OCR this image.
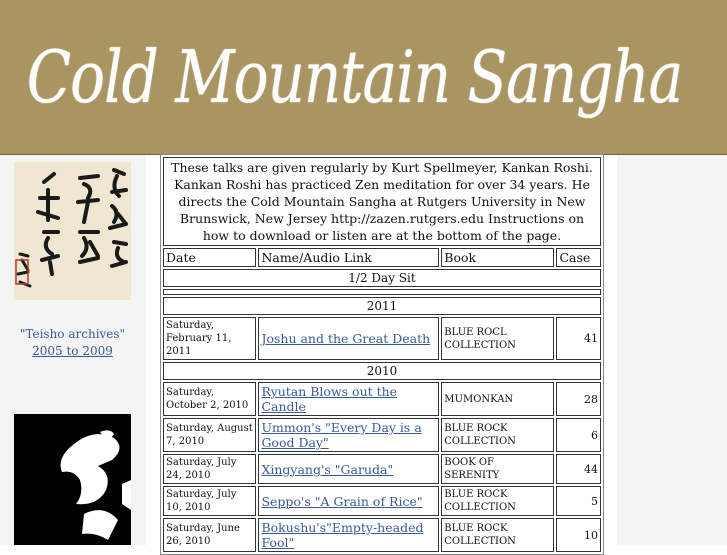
Cold Mountain Sangha
"Teisho archives"
2005 to 2009
These talks are given regularly by Kurt Spellmeyer, Kankan Roshi. Kankan Roshi has practiced Zen meditation for over 34 years. He directs the Cold Mountain Sangha at Rutgers University in New Brunswick, New Jersey http://zazen.rutgers.edu Instructions on how to download or listen are at the bottom of the page.			
Date	Name/Audio Link	Book	Case
1/2 Day Sit			

2011			
Saturday, February 11, 2011	Joshu and the Great Death	BLUE ROCL COLLECTION	41
2010			
Saturday, October 2, 2010	Ryutan Blows out the Candle	MUMONKAN	28
Saturday, August 7, 2010	Ummon's "Every Day is a Good Day"	BLUE ROCK COLLECTION	6
Saturday, July 24, 2010	Xingyang's "Garuda"	BOOK OF SERENITY	44
Saturday, July 10, 2010	Seppo's "A Grain of Rice"	BLUE ROCK COLLECTION	5
Saturday, June 26, 2010	Bokushu's"Empty-headed Fool"	BLUE ROCK COLLECTION	10
